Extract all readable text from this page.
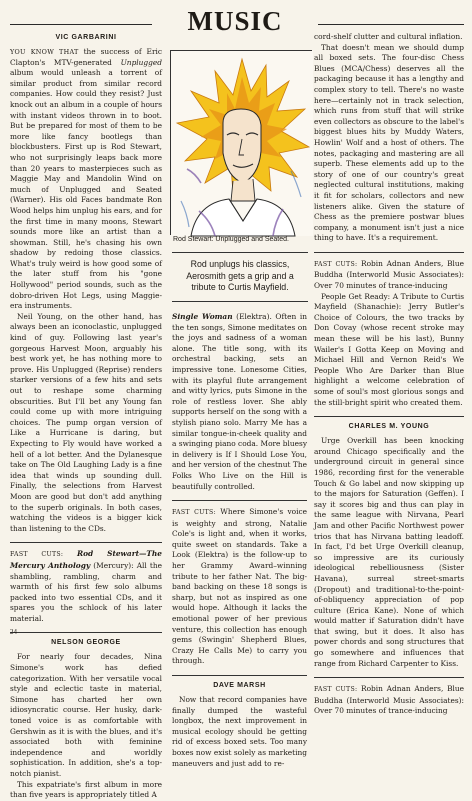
MUSIC
VIC GARBARINI

YOU KNOW THAT the success of Eric Clapton's MTV-generated Unplugged album would unleash a torrent of similar product from similar record companies. How could they resist? Just knock out an album in a couple of hours with instant videos thrown in to boot. But be prepared for most of them to be more like fancy bootlegs than blockbusters. First up is Rod Stewart, who not surprisingly leaps back more than 20 years to masterpieces such as Maggie May and Mandolin Wind on much of Unplugged and Seated (Warner). His old Faces bandmate Ron Wood helps him unplug his ears, and for the first time in many moons, Stewart sounds more like an artist than a showman. Still, he's chasing his own shadow by redoing those classics. What's truly weird is how good some of the later stuff from his "gone Hollywood" period sounds, such as the dobro-driven Hot Legs, using Maggie-era instruments.

Neil Young, on the other hand, has always been an iconoclastic, unplugged kind of guy. Following last year's gorgeous Harvest Moon, arguably his best work yet, he has nothing more to prove. His Unplugged (Reprise) renders starker versions of a few hits and sets out to reshape some charming obscurities. But I'll bet any Young fan could come up with more intriguing choices. The pump organ version of Like a Hurricane is daring, but Expecting to Fly would have worked a hell of a lot better. And the Dylanesque take on The Old Laughing Lady is a fine idea that winds up sounding dull. Finally, the selections from Harvest Moon are good but don't add anything to the superb originals. In both cases, watching the videos is a bigger kick than listening to the CDs.

FAST CUTS: Rod Stewart—The Mercury Anthology (Mercury): All the shambling, rambling, charm and warmth of his first few solo albums packed into two essential CDs, and it spares you the schlock of his later material.

NELSON GEORGE

For nearly four decades, Nina Simone's work has defied categorization. With her versatile vocal style and eclectic taste in material, Simone has charted her own idiosyncratic course. Her husky, dark-toned voice is as comfortable with Gershwin as it is with the blues, and it's associated both with feminine independence and worldly sophistication. In addition, she's a top-notch pianist.

This expatriate's first album in more than five years is appropriately titled A

Rod Stewart: Unplugged and Seated.
Rod unplugs his classics, Aerosmith gets a grip and a tribute to Curtis Mayfield.

Single Woman (Elektra). Often in the ten songs, Simone meditates on the joys and sadness of a woman alone. The title song, with its orchestral backing, sets an impressive tone. Lonesome Cities, with its playful flute arrangement and witty lyrics, puts Simone in the role of restless lover. She ably supports herself on the song with a stylish piano solo. Marry Me has a similar tongue-in-cheek quality and a swinging piano coda. More bluesy in delivery is If I Should Lose You, and her version of the chestnut The Folks Who Live on the Hill is beautifully controlled.

FAST CUTS: Where Simone's voice is weighty and strong, Natalie Cole's is light and, when it works, quite sweet on standards. Take a Look (Elektra) is the follow-up to her Grammy Award–winning tribute to her father Nat. The big-band backing on these 18 songs is sharp, but not as inspired as one would hope. Although it lacks the emotional power of her previous venture, this collection has enough gems (Swingin' Shepherd Blues, Crazy He Calls Me) to carry you through.

DAVE MARSH

Now that record companies have finally dumped the wasteful longbox, the next improvement in musical ecology should be getting rid of excess boxed sets. Too many boxes now exist solely as marketing maneuvers and just add to re-

cord-shelf clutter and cultural inflation.

That doesn't mean we should dump all boxed sets. The four-disc Chess Blues (MCA/Chess) deserves all the packaging because it has a lengthy and complex story to tell. There's no waste here—certainly not in track selection, which runs from stuff that will strike even collectors as obscure to the label's biggest blues hits by Muddy Waters, Howlin' Wolf and a host of others. The notes, packaging and mastering are all superb. These elements add up to the story of one of our country's great neglected cultural institutions, making it fit for scholars, collectors and new listeners alike. Given the stature of Chess as the premiere postwar blues company, a monument isn't just a nice thing to have. It's a requirement.

FAST CUTS: Robin Adnan Anders, Blue Buddha (Interworld Music Associates): Over 70 minutes of trance-inducing

People Get Ready: A Tribute to Curtis Mayfield (Shanachie): Jerry Butler's Choice of Colours, the two tracks by Don Covay (whose recent stroke may mean these will be his last), Bunny Wailer's I Gotta Keep on Moving and Michael Hill and Vernon Reid's We People Who Are Darker than Blue highlight a welcome celebration of some of soul's most glorious songs and the still-bright spirit who created them.

CHARLES M. YOUNG

Urge Overkill has been knocking around Chicago specifically and the underground circuit in general since 1986, recording first for the venerable Touch & Go label and now skipping up to the majors for Saturation (Geffen). I say it scores big and thus can play in the same league with Nirvana, Pearl Jam and other Pacific Northwest power trios that has Nirvana batting leadoff. In fact, I'd bet Urge Overkill cleanup, so impressive are its curiously ideological rebelliousness (Sister Havana), surreal street-smarts (Dropout) and traditional-to-the-point-of-obliquency appreciation of pop culture (Erica Kane). None of which would matter if Saturation didn't have that swing, but it does. It also has power chords and song structures that go somewhere and influences that range from Richard Carpenter to Kiss.

FAST CUTS: Robin Adnan Anders, Blue Buddha (Interworld Music Associates): Over 70 minutes of trance-inducing

24
